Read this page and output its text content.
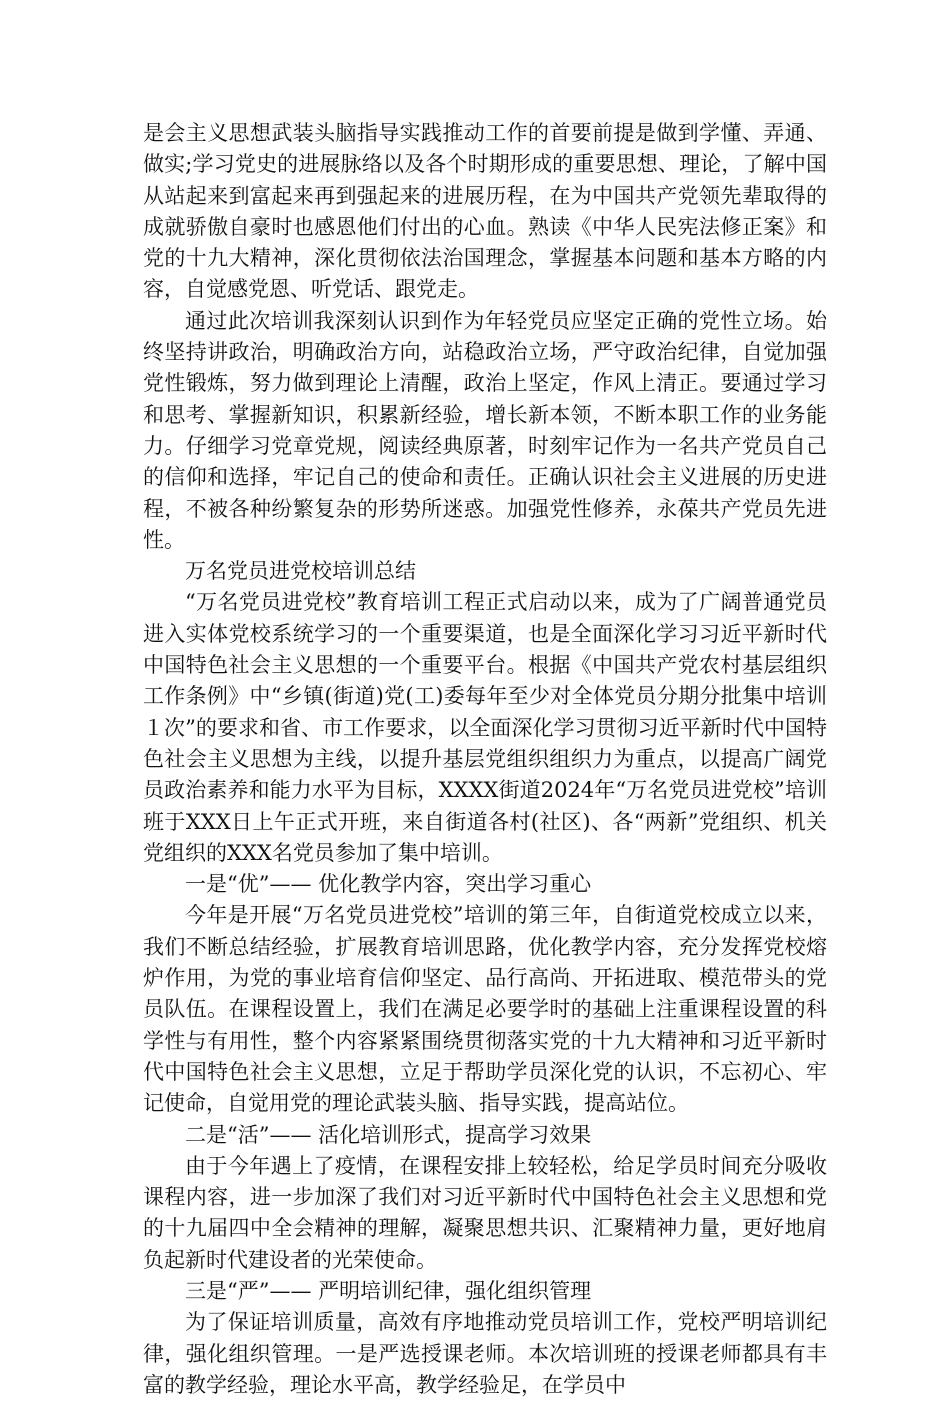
是会主义思想武装头脑指导实践推动工作的首要前提是做到学懂、弄通、做实;学习党史的进展脉络以及各个时期形成的重要思想、理论，了解中国从站起来到富起来再到强起来的进展历程，在为中国共产党领先辈取得的成就骄傲自豪时也感恩他们付出的心血。熟读《中华人民宪法修正案》和党的十九大精神，深化贯彻依法治国理念，掌握基本问题和基本方略的内容，自觉感党恩、听党话、跟党走。

通过此次培训我深刻认识到作为年轻党员应坚定正确的党性立场。始终坚持讲政治，明确政治方向，站稳政治立场，严守政治纪律，自觉加强党性锻炼，努力做到理论上清醒，政治上坚定，作风上清正。要通过学习和思考、掌握新知识，积累新经验，增长新本领，不断本职工作的业务能力。仔细学习党章党规，阅读经典原著，时刻牢记作为一名共产党员自己的信仰和选择，牢记自己的使命和责任。正确认识社会主义进展的历史进程，不被各种纷繁复杂的形势所迷惑。加强党性修养，永葆共产党员先进性。

万名党员进党校培训总结

“万名党员进党校”教育培训工程正式启动以来，成为了广阔普通党员进入实体党校系统学习的一个重要渠道，也是全面深化学习习近平新时代中国特色社会主义思想的一个重要平台。根据《中国共产党农村基层组织工作条例》中“乡镇(街道)党(工)委每年至少对全体党员分期分批集中培训１次”的要求和省、市工作要求，以全面深化学习贯彻习近平新时代中国特色社会主义思想为主线，以提升基层党组织组织力为重点，以提高广阔党员政治素养和能力水平为目标，XXXX街道2024年“万名党员进党校”培训班于XXX日上午正式开班，来自街道各村(社区)、各“两新”党组织、机关党组织的XXX名党员参加了集中培训。

一是“优”—— 优化教学内容，突出学习重心

今年是开展“万名党员进党校”培训的第三年，自街道党校成立以来，我们不断总结经验，扩展教育培训思路，优化教学内容，充分发挥党校熔炉作用，为党的事业培育信仰坚定、品行高尚、开拓进取、模范带头的党员队伍。在课程设置上，我们在满足必要学时的基础上注重课程设置的科学性与有用性，整个内容紧紧围绕贯彻落实党的十九大精神和习近平新时代中国特色社会主义思想，立足于帮助学员深化党的认识，不忘初心、牢记使命，自觉用党的理论武装头脑、指导实践，提高站位。

二是“活”—— 活化培训形式，提高学习效果

由于今年遇上了疫情，在课程安排上较轻松，给足学员时间充分吸收课程内容，进一步加深了我们对习近平新时代中国特色社会主义思想和党的十九届四中全会精神的理解，凝聚思想共识、汇聚精神力量，更好地肩负起新时代建设者的光荣使命。

三是“严”—— 严明培训纪律，强化组织管理

为了保证培训质量，高效有序地推动党员培训工作，党校严明培训纪律，强化组织管理。一是严选授课老师。本次培训班的授课老师都具有丰富的教学经验，理论水平高，教学经验足，在学员中
